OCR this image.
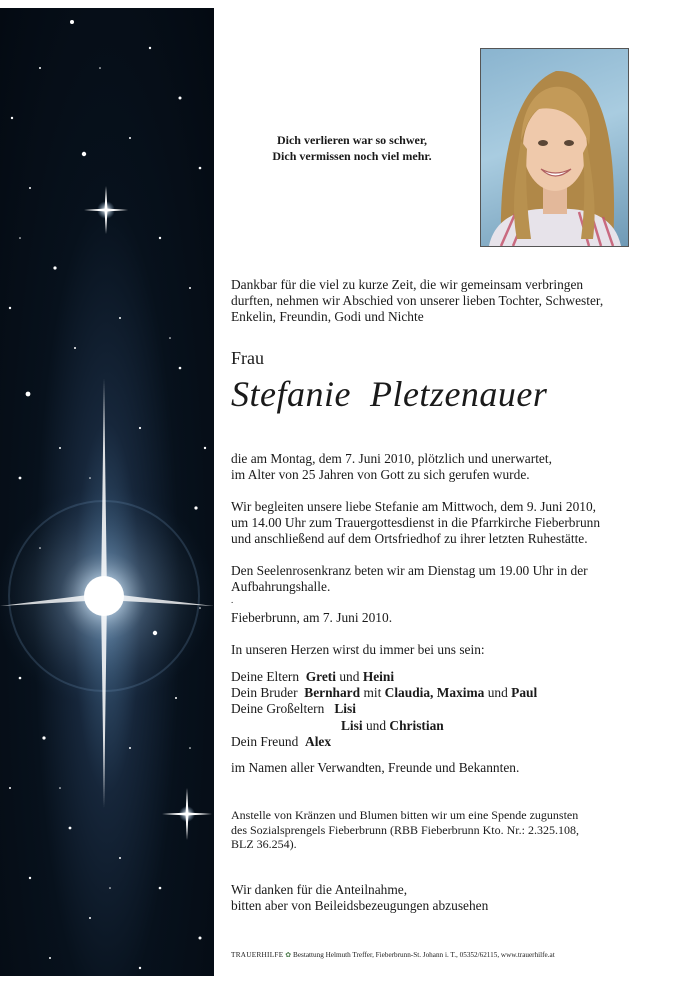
Dich verlieren war so schwer,
Dich vermissen noch viel mehr.

Dankbar für die viel zu kurze Zeit, die wir gemeinsam verbringen

durften, nehmen wir Abschied von unserer lieben Tochter, Schwester,

Enkelin, Freundin, Godi und Nichte

Frau
Stefanie  Pletzenauer

die am Montag, dem 7. Juni 2010, plötzlich und unerwartet,

im Alter von 25 Jahren von Gott zu sich gerufen wurde.

Wir begleiten unsere liebe Stefanie am Mittwoch, dem 9. Juni 2010,

um 14.00 Uhr zum Trauergottesdienst in die Pfarrkirche Fieberbrunn

und anschließend auf dem Ortsfriedhof zu ihrer letzten Ruhestätte.

Den Seelenrosenkranz beten wir am Dienstag um 19.00 Uhr in der

Aufbahrungshalle.

.

Fieberbrunn, am 7. Juni 2010.

In unseren Herzen wirst du immer bei uns sein:

Deine Eltern Greti und Heini

Dein Bruder Bernhard mit Claudia, Maxima und Paul

Deine Großeltern Lisi

Lisi und Christian

Dein Freund Alex

im Namen aller Verwandten, Freunde und Bekannten.

Anstelle von Kränzen und Blumen bitten wir um eine Spende zugunsten

des Sozialsprengels Fieberbrunn (RBB Fieberbrunn Kto. Nr.: 2.325.108,

BLZ 36.254).

Wir danken für die Anteilnahme,

bitten aber von Beileidsbezeugungen abzusehen

TRAUERHILFE ✿ Bestattung Helmuth Treffer, Fieberbrunn-St. Johann i. T., 05352/62115, www.trauerhilfe.at
